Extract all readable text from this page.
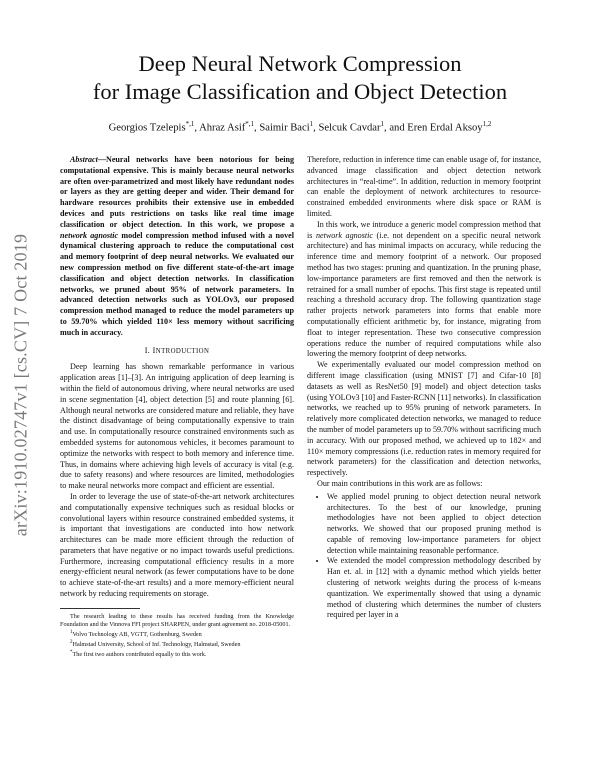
arXiv:1910.02747v1 [cs.CV] 7 Oct 2019
Deep Neural Network Compression
for Image Classification and Object Detection
Georgios Tzelepis$^{*,1}$, Ahraz Asif$^{*,1}$, Saimir Baci$^1$, Selcuk Cavdar$^1$, and Eren Erdal Aksoy$^{1,2}$

Abstract—Neural networks have been notorious for being computational expensive. This is mainly because neural networks are often over-parametrized and most likely have redundant nodes or layers as they are getting deeper and wider. Their demand for hardware resources prohibits their extensive use in embedded devices and puts restrictions on tasks like real time image classification or object detection. In this work, we propose a network agnostic model compression method infused with a novel dynamical clustering approach to reduce the computational cost and memory footprint of deep neural networks. We evaluated our new compression method on five different state-of-the-art image classification and object detection networks. In classification networks, we pruned about 95% of network parameters. In advanced detection networks such as YOLOv3, our proposed compression method managed to reduce the model parameters up to 59.70% which yielded 110× less memory without sacrificing much in accuracy.

I. INTRODUCTION

Deep learning has shown remarkable performance in various application areas [1]–[3]. An intriguing application of deep learning is within the field of autonomous driving, where neural networks are used in scene segmentation [4], object detection [5] and route planning [6]. Although neural networks are considered mature and reliable, they have the distinct disadvantage of being computationally expensive to train and use. In computationally resource constrained environments such as embedded systems for autonomous vehicles, it becomes paramount to optimize the networks with respect to both memory and inference time. Thus, in domains where achieving high levels of accuracy is vital (e.g. due to safety reasons) and where resources are limited, methodologies to make neural networks more compact and efficient are essential.

In order to leverage the use of state-of-the-art network architectures and computationally expensive techniques such as residual blocks or convolutional layers within resource constrained embedded systems, it is important that investigations are conducted into how network architectures can be made more efficient through the reduction of parameters that have negative or no impact towards useful predictions. Furthermore, increasing computational efficiency results in a more energy-efficient neural network (as fewer computations have to be done to achieve state-of-the-art results) and a more memory-efficient neural network by reducing requirements on storage.

The research leading to these results has received funding from the Knowledge Foundation and the Vinnova FFI project SHARPEN, under grant agreement no. 2018-05001.

$^1$Volvo Technology AB, VGTT, Gothenburg, Sweden

$^2$Halmstad University, School of Inf. Technology, Halmstad, Sweden

*The first two authors contributed equally to this work.

Therefore, reduction in inference time can enable usage of, for instance, advanced image classification and object detection network architectures in “real-time”. In addition, reduction in memory footprint can enable the deployment of network architectures to resource-constrained embedded environments where disk space or RAM is limited.

In this work, we introduce a generic model compression method that is network agnostic (i.e. not dependent on a specific neural network architecture) and has minimal impacts on accuracy, while reducing the inference time and memory footprint of a network. Our proposed method has two stages: pruning and quantization. In the pruning phase, low-importance parameters are first removed and then the network is retrained for a small number of epochs. This first stage is repeated until reaching a threshold accuracy drop. The following quantization stage rather projects network parameters into forms that enable more computationally efficient arithmetic by, for instance, migrating from float to integer representation. These two consecutive compression operations reduce the number of required computations while also lowering the memory footprint of deep networks.

We experimentally evaluated our model compression method on different image classification (using MNIST [7] and Cifar-10 [8] datasets as well as ResNet50 [9] model) and object detection tasks (using YOLOv3 [10] and Faster-RCNN [11] networks). In classification networks, we reached up to 95% pruning of network parameters. In relatively more complicated detection networks, we managed to reduce the number of model parameters up to 59.70% without sacrificing much in accuracy. With our proposed method, we achieved up to 182× and 110× memory compressions (i.e. reduction rates in memory required for network parameters) for the classification and detection networks, respectively.

Our main contributions in this work are as follows:

• We applied model pruning to object detection neural network architectures. To the best of our knowledge, pruning methodologies have not been applied to object detection networks. We showed that our proposed pruning method is capable of removing low-importance parameters for object detection while maintaining reasonable performance.
• We extended the model compression methodology described by Han et. al. in [12] with a dynamic method which yields better clustering of network weights during the process of k-means quantization. We experimentally showed that using a dynamic method of clustering which determines the number of clusters required per layer in a
